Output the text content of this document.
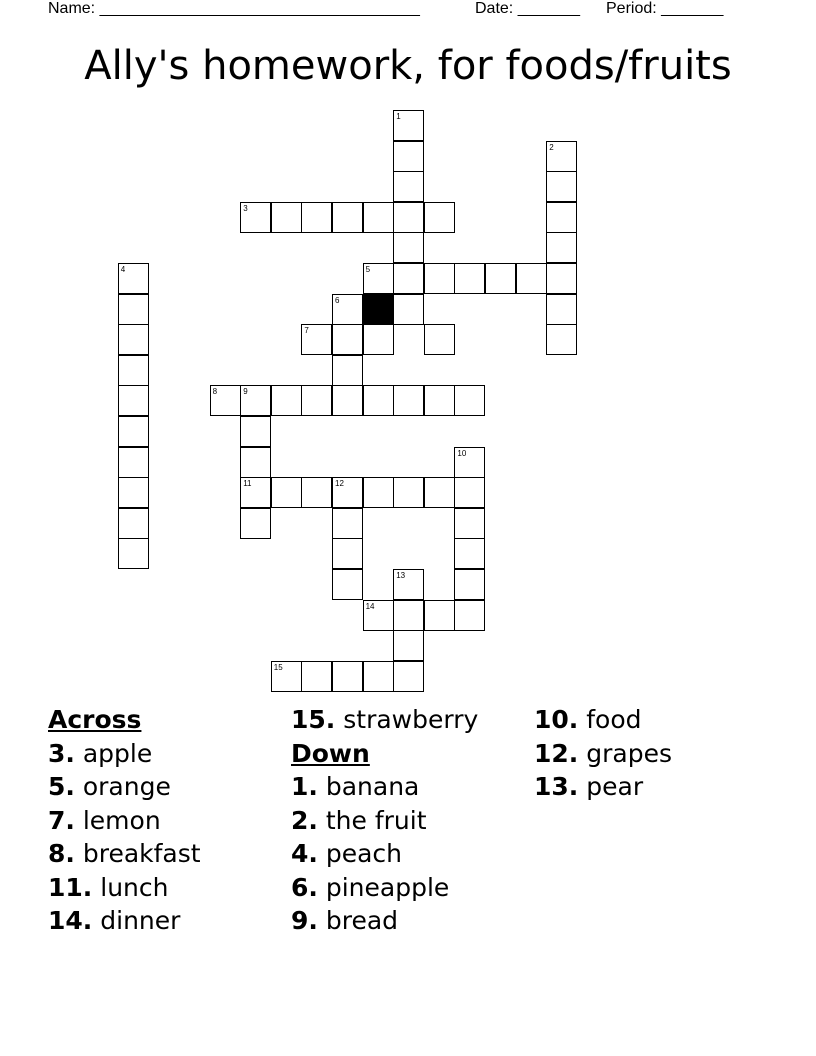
Name: ____________________________________	Date: _______ Period: _______
Ally's homework, for foods/fruits
1
2
3
4	5
6
7
8	9
11
10
12
13
14
15
Across
3. apple
5. orange
7. lemon
8. breakfast
11. lunch
14. dinner
15. strawberry
Down
1. banana
2. the fruit
4. peach
6. pineapple
9. bread
10. food
12. grapes
13. pear
